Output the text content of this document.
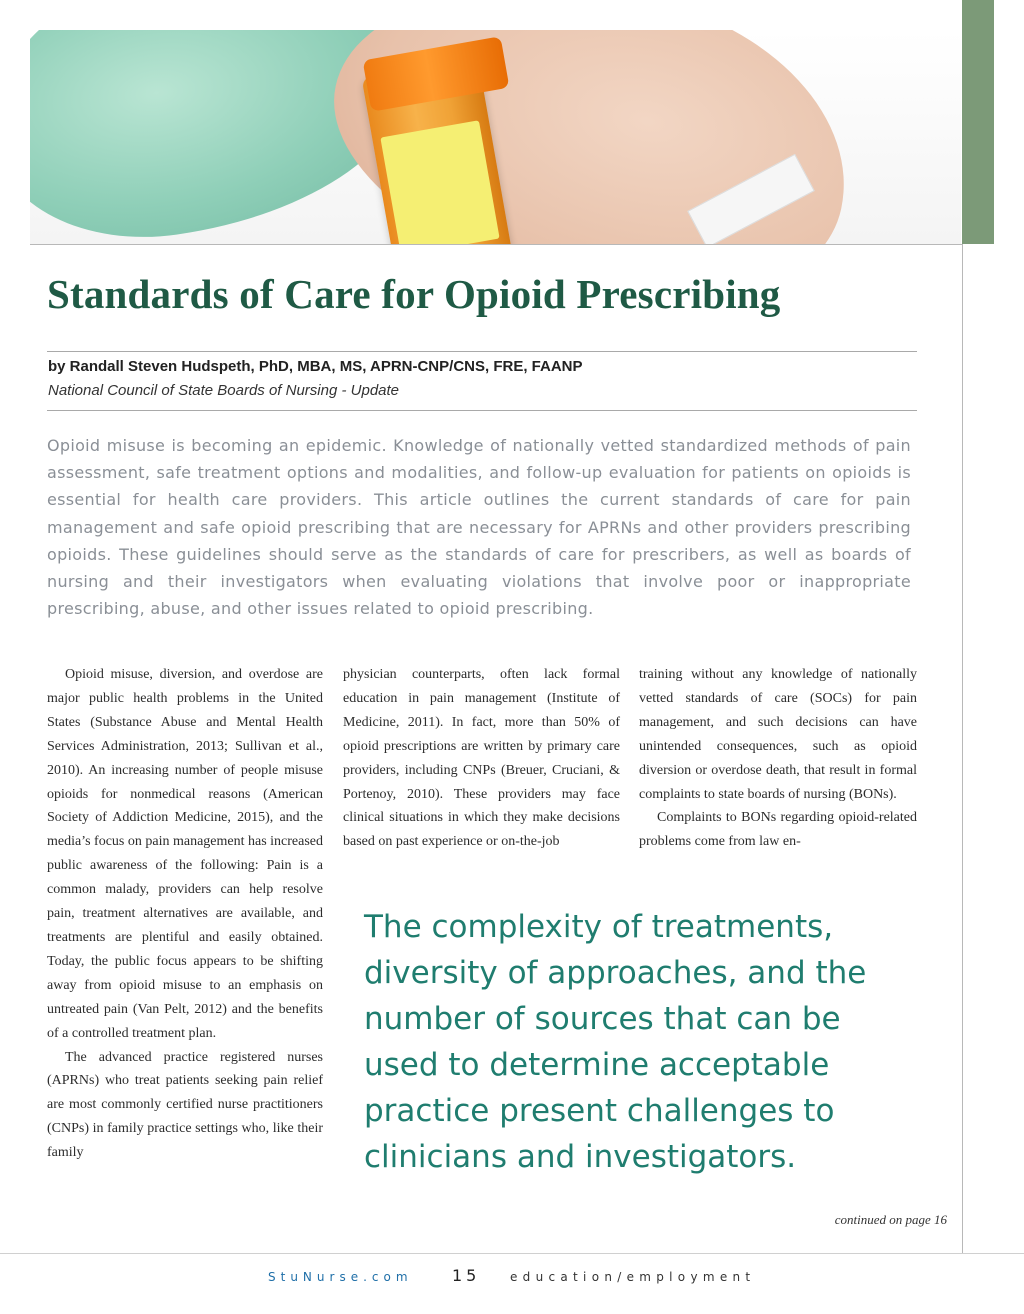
Standards of Care for Opioid Prescribing
by Randall Steven Hudspeth, PhD, MBA, MS, APRN-CNP/CNS, FRE, FAANP
National Council of State Boards of Nursing - Update

Opioid misuse is becoming an epidemic. Knowledge of nationally vetted standardized methods of pain assessment, safe treatment options and modalities, and follow-up evaluation for patients on opioids is essential for health care providers. This article outlines the current standards of care for pain management and safe opioid prescribing that are necessary for APRNs and other providers prescribing opioids. These guidelines should serve as the standards of care for prescribers, as well as boards of nursing and their investigators when evaluating violations that involve poor or inappropriate prescribing, abuse, and other issues related to opioid prescribing.

Opioid misuse, diversion, and overdose are major public health problems in the United States (Substance Abuse and Mental Health Services Administration, 2013; Sullivan et al., 2010). An increasing number of people misuse opioids for nonmedical reasons (American Society of Addiction Medicine, 2015), and the media’s focus on pain management has increased public awareness of the following: Pain is a common malady, providers can help resolve pain, treatment alternatives are available, and treatments are plentiful and easily obtained. Today, the public focus appears to be shifting away from opioid misuse to an emphasis on untreated pain (Van Pelt, 2012) and the benefits of a controlled treatment plan.

The advanced practice registered nurses (APRNs) who treat patients seeking pain relief are most commonly certified nurse practitioners (CNPs) in family practice settings who, like their family

physician counterparts, often lack formal education in pain management (Institute of Medicine, 2011). In fact, more than 50% of opioid prescriptions are written by primary care providers, including CNPs (Breuer, Cruciani, & Portenoy, 2010). These providers may face clinical situations in which they make decisions based on past experience or on-the-job

training without any knowledge of nationally vetted standards of care (SOCs) for pain management, and such decisions can have unintended consequences, such as opioid diversion or overdose death, that result in formal complaints to state boards of nursing (BONs).

Complaints to BONs regarding opioid-related problems come from law en-

The complexity of treatments, diversity of approaches, and the number of sources that can be used to determine acceptable practice present challenges to clinicians and investigators.

continued on page 16
StuNurse.com 15 education/employment
